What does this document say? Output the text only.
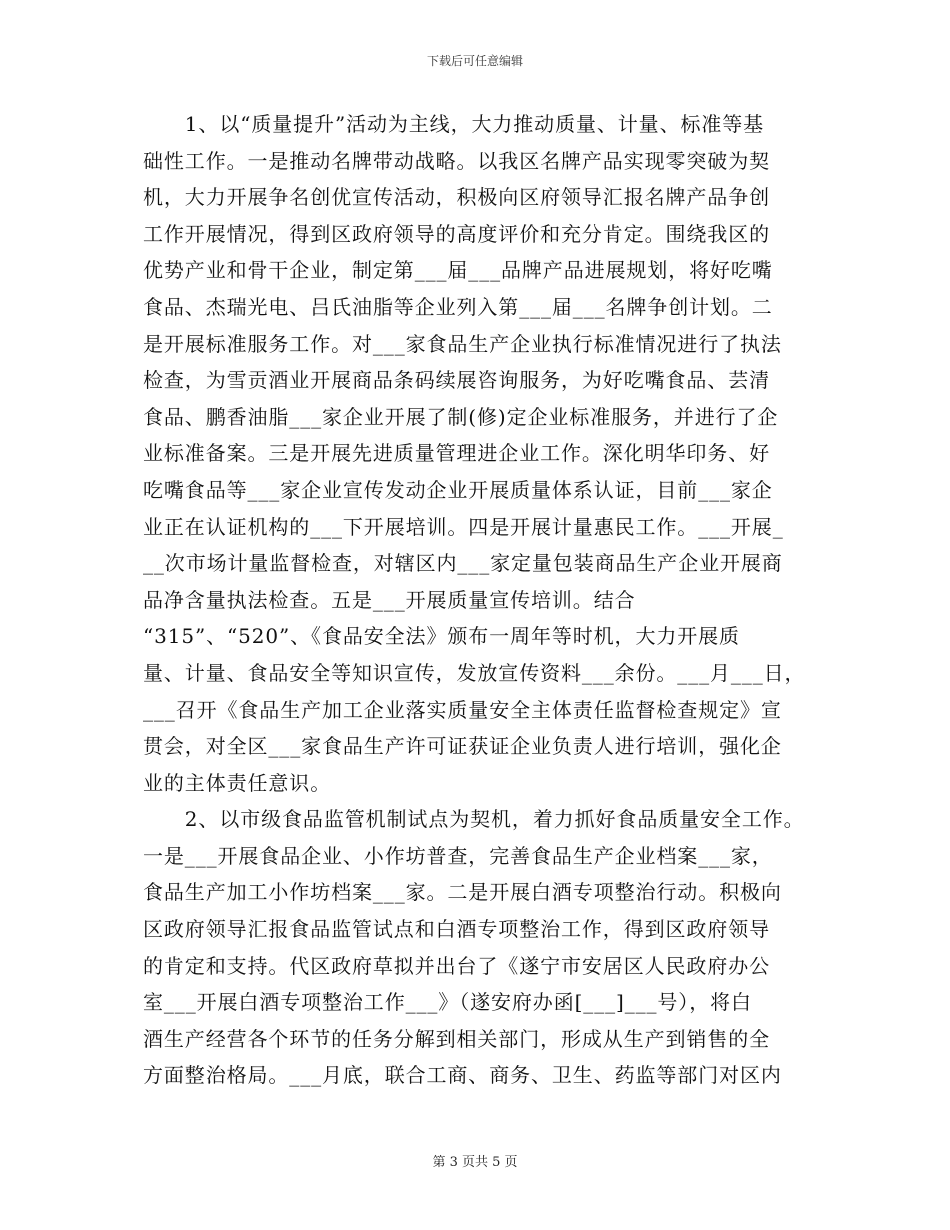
下载后可任意编辑
　　1、以“质量提升”活动为主线，大力推动质量、计量、标准等基
础性工作。一是推动名牌带动战略。以我区名牌产品实现零突破为契
机，大力开展争名创优宣传活动，积极向区府领导汇报名牌产品争创
工作开展情况，得到区政府领导的高度评价和充分肯定。围绕我区的
优势产业和骨干企业，制定第___届___品牌产品进展规划，将好吃嘴
食品、杰瑞光电、吕氏油脂等企业列入第___届___名牌争创计划。二
是开展标准服务工作。对___家食品生产企业执行标准情况进行了执法
检查，为雪贡酒业开展商品条码续展咨询服务，为好吃嘴食品、芸清
食品、鹏香油脂___家企业开展了制(修)定企业标准服务，并进行了企
业标准备案。三是开展先进质量管理进企业工作。深化明华印务、好
吃嘴食品等___家企业宣传发动企业开展质量体系认证，目前___家企
业正在认证机构的___下开展培训。四是开展计量惠民工作。___开展_
__次市场计量监督检查，对辖区内___家定量包装商品生产企业开展商
品净含量执法检查。五是___开展质量宣传培训。结合
“315”、“520”、《食品安全法》颁布一周年等时机，大力开展质
量、计量、食品安全等知识宣传，发放宣传资料___余份。___月___日，
___召开《食品生产加工企业落实质量安全主体责任监督检查规定》宣
贯会，对全区___家食品生产许可证获证企业负责人进行培训，强化企
业的主体责任意识。
　　2、以市级食品监管机制试点为契机，着力抓好食品质量安全工作。
一是___开展食品企业、小作坊普查，完善食品生产企业档案___家，
食品生产加工小作坊档案___家。二是开展白酒专项整治行动。积极向
区政府领导汇报食品监管试点和白酒专项整治工作，得到区政府领导
的肯定和支持。代区政府草拟并出台了《遂宁市安居区人民政府办公
室___开展白酒专项整治工作___》（遂安府办函[___]___号），将白
酒生产经营各个环节的任务分解到相关部门，形成从生产到销售的全
方面整治格局。___月底，联合工商、商务、卫生、药监等部门对区内
第 3 页共 5 页
